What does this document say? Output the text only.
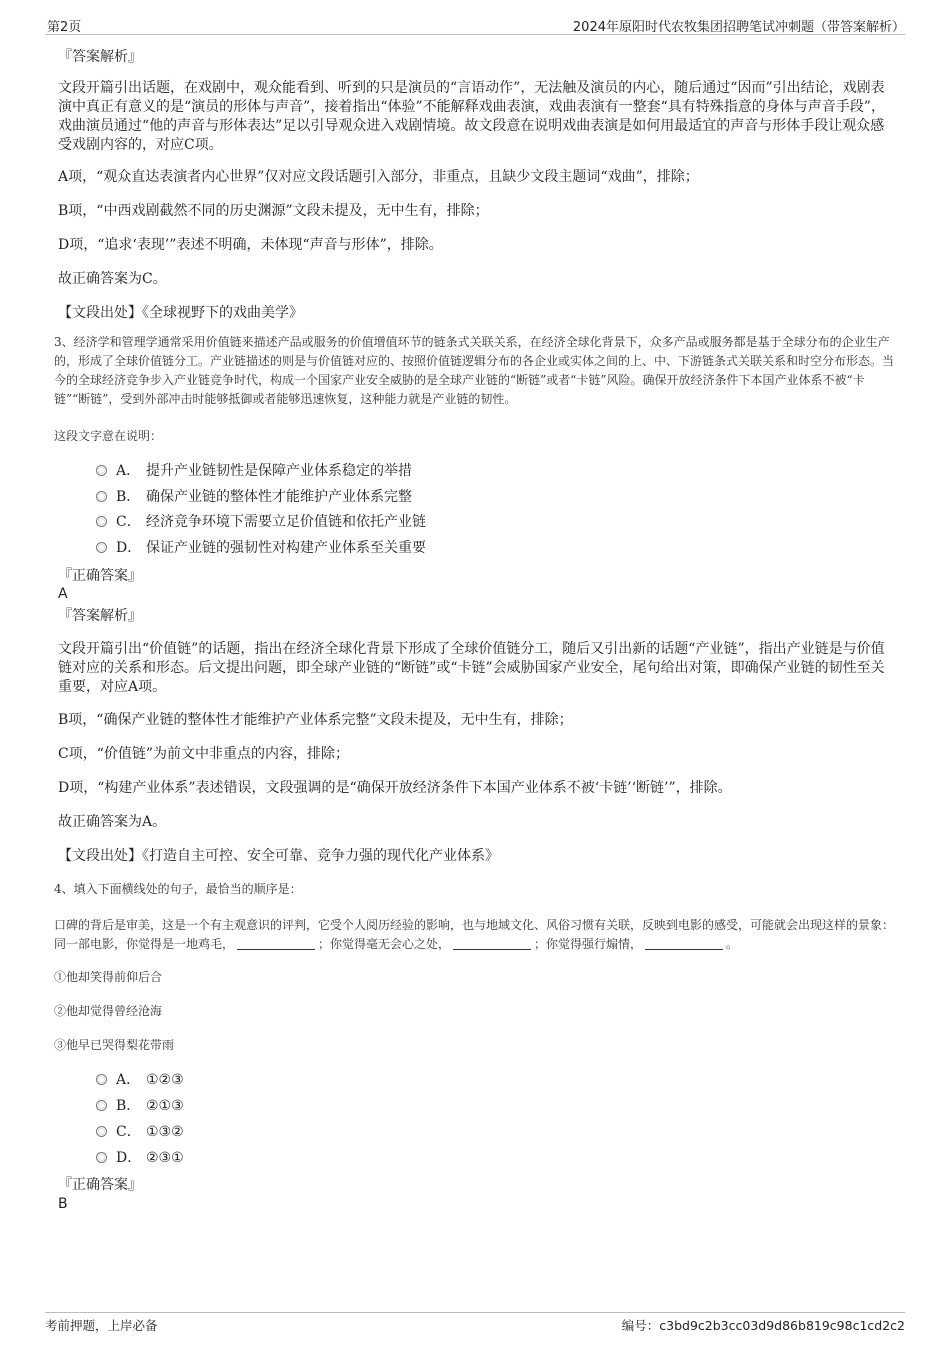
第2页	2024年原阳时代农牧集团招聘笔试冲刺题（带答案解析）

『答案解析』

文段开篇引出话题，在戏剧中，观众能看到、听到的只是演员的“言语动作”，无法触及演员的内心，随后通过“因而”引出结论，戏剧表演中真正有意义的是“演员的形体与声音”，接着指出“体验”不能解释戏曲表演，戏曲表演有一整套“具有特殊指意的身体与声音手段”，戏曲演员通过“他的声音与形体表达”足以引导观众进入戏剧情境。故文段意在说明戏曲表演是如何用最适宜的声音与形体手段让观众感受戏剧内容的，对应C项。

A项，“观众直达表演者内心世界”仅对应文段话题引入部分，非重点，且缺少文段主题词“戏曲”，排除；

B项，“中西戏剧截然不同的历史渊源”文段未提及，无中生有，排除；

D项，“追求‘表现’”表述不明确，未体现“声音与形体”，排除。

故正确答案为C。

【文段出处】《全球视野下的戏曲美学》

3、经济学和管理学通常采用价值链来描述产品或服务的价值增值环节的链条式关联关系，在经济全球化背景下，众多产品或服务都是基于全球分布的企业生产的，形成了全球价值链分工。产业链描述的则是与价值链对应的、按照价值链逻辑分布的各企业或实体之间的上、中、下游链条式关联关系和时空分布形态。当今的全球经济竞争步入产业链竞争时代，构成一个国家产业安全威胁的是全球产业链的“断链”或者“卡链”风险。确保开放经济条件下本国产业体系不被“卡链”“断链”，受到外部冲击时能够抵御或者能够迅速恢复，这种能力就是产业链的韧性。

这段文字意在说明：

A． 提升产业链韧性是保障产业体系稳定的举措
B． 确保产业链的整体性才能维护产业体系完整
C． 经济竞争环境下需要立足价值链和依托产业链
D． 保证产业链的强韧性对构建产业体系至关重要

『正确答案』

A

『答案解析』

文段开篇引出“价值链”的话题，指出在经济全球化背景下形成了全球价值链分工，随后又引出新的话题“产业链”，指出产业链是与价值链对应的关系和形态。后文提出问题，即全球产业链的“断链”或“卡链”会威胁国家产业安全，尾句给出对策，即确保产业链的韧性至关重要，对应A项。

B项，“确保产业链的整体性才能维护产业体系完整”文段未提及，无中生有，排除；

C项，“价值链”为前文中非重点的内容，排除；

D项，“构建产业体系”表述错误，文段强调的是“确保开放经济条件下本国产业体系不被‘卡链’‘断链’”，排除。

故正确答案为A。

【文段出处】《打造自主可控、安全可靠、竞争力强的现代化产业体系》

4、填入下面横线处的句子，最恰当的顺序是：

口碑的背后是审美，这是一个有主观意识的评判，它受个人阅历经验的影响，也与地域文化、风俗习惯有关联，反映到电影的感受，可能就会出现这样的景象：同一部电影，你觉得是一地鸡毛，	；你觉得毫无会心之处，	；你觉得强行煽情，	。

①他却笑得前仰后合

②他却觉得曾经沧海

③他早已哭得梨花带雨

A． ①②③
B． ②①③
C． ①③②
D． ②③①

『正确答案』

B
考前押题，上岸必备	编号：c3bd9c2b3cc03d9d86b819c98c1cd2c2
